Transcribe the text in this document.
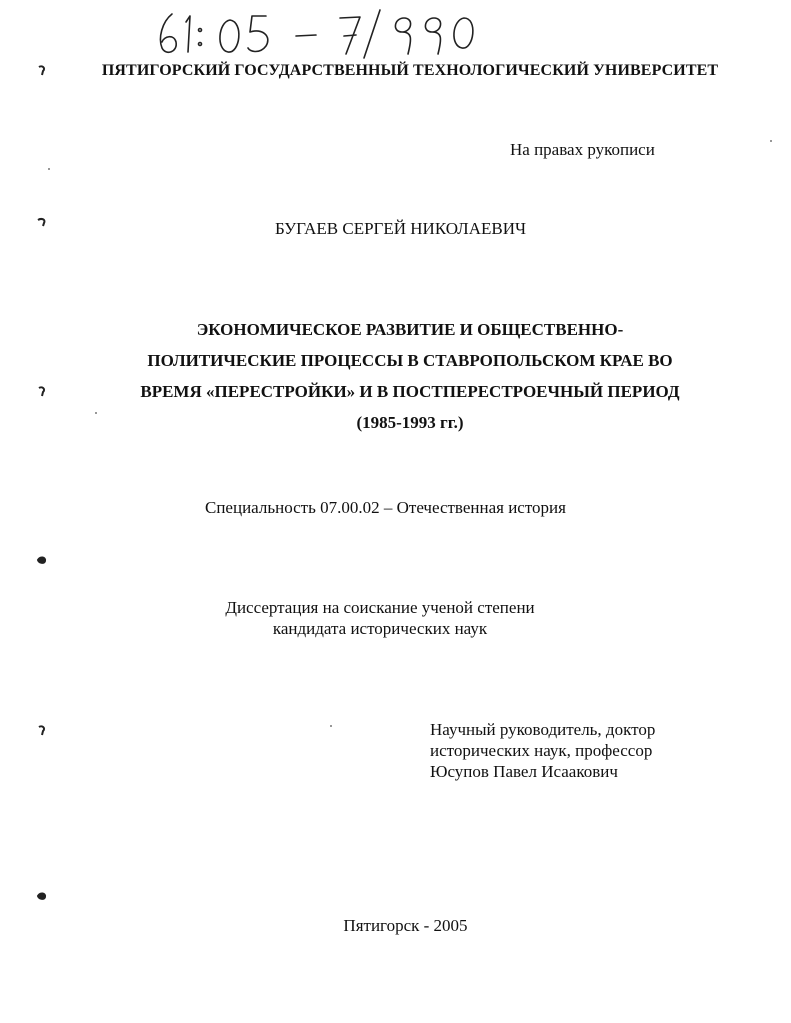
ПЯТИГОРСКИЙ ГОСУДАРСТВЕННЫЙ ТЕХНОЛОГИЧЕСКИЙ УНИВЕРСИТЕТ
На правах рукописи
БУГАЕВ СЕРГЕЙ НИКОЛАЕВИЧ
ЭКОНОМИЧЕСКОЕ РАЗВИТИЕ И ОБЩЕСТВЕННО-
ПОЛИТИЧЕСКИЕ ПРОЦЕССЫ В СТАВРОПОЛЬСКОМ КРАЕ ВО
ВРЕМЯ «ПЕРЕСТРОЙКИ» И В ПОСТПЕРЕСТРОЕЧНЫЙ ПЕРИОД
(1985-1993 гг.)
Специальность 07.00.02 – Отечественная история
Диссертация на соискание ученой степени
кандидата исторических наук
Научный руководитель, доктор
исторических наук, профессор
Юсупов Павел Исаакович
Пятигорск - 2005
